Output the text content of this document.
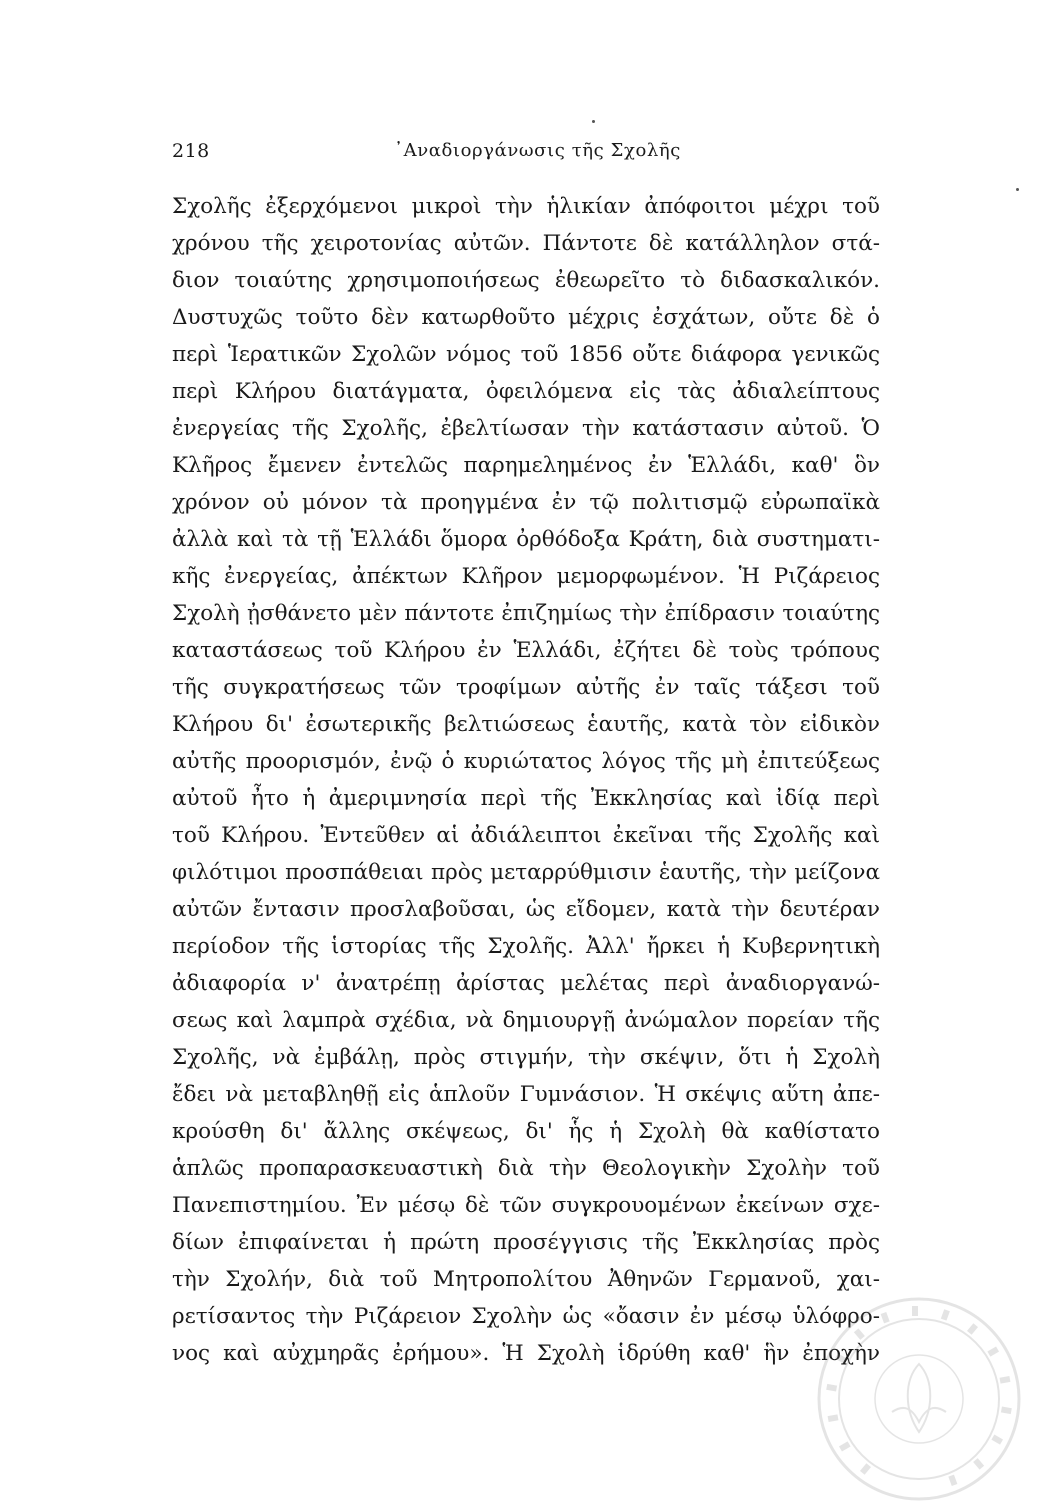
218	᾿Αναδιοργάνωσις τῆς Σχολῆς
Σχολῆς ἐξερχόμενοι μικροὶ τὴν ἡλικίαν ἀπόφοιτοι μέχρι τοῦ
χρόνου τῆς χειροτονίας αὐτῶν. Πάντοτε δὲ κατάλληλον στά-
διον τοιαύτης χρησιμοποιήσεως ἐθεωρεῖτο τὸ διδασκαλικόν.
Δυστυχῶς τοῦτο δὲν κατωρθοῦτο μέχρις ἐσχάτων, οὔτε δὲ ὁ
περὶ Ἱερατικῶν Σχολῶν νόμος τοῦ 1856 οὔτε διάφορα γενικῶς
περὶ Κλήρου διατάγματα, ὀφειλόμενα εἰς τὰς ἀδιαλείπτους
ἐνεργείας τῆς Σχολῆς, ἐβελτίωσαν τὴν κατάστασιν αὐτοῦ. Ὁ
Κλῆρος ἔμενεν ἐντελῶς παρημελημένος ἐν Ἑλλάδι, καθ' ὃν
χρόνον οὐ μόνον τὰ προηγμένα ἐν τῷ πολιτισμῷ εὐρωπαϊκὰ
ἀλλὰ καὶ τὰ τῇ Ἑλλάδι ὅμορα ὀρθόδοξα Κράτη, διὰ συστηματι-
κῆς ἐνεργείας, ἀπέκτων Κλῆρον μεμορφωμένον. Ἡ Ριζάρειος
Σχολὴ ᾐσθάνετο μὲν πάντοτε ἐπιζημίως τὴν ἐπίδρασιν τοιαύτης
καταστάσεως τοῦ Κλήρου ἐν Ἑλλάδι, ἐζήτει δὲ τοὺς τρόπους
τῆς συγκρατήσεως τῶν τροφίμων αὐτῆς ἐν ταῖς τάξεσι τοῦ
Κλήρου δι' ἐσωτερικῆς βελτιώσεως ἑαυτῆς, κατὰ τὸν εἰδικὸν
αὐτῆς προορισμόν, ἐνῷ ὁ κυριώτατος λόγος τῆς μὴ ἐπιτεύξεως
αὐτοῦ ἦτο ἡ ἀμεριμνησία περὶ τῆς Ἐκκλησίας καὶ ἰδίᾳ περὶ
τοῦ Κλήρου. Ἐντεῦθεν αἱ ἀδιάλειπτοι ἐκεῖναι τῆς Σχολῆς καὶ
φιλότιμοι προσπάθειαι πρὸς μεταρρύθμισιν ἑαυτῆς, τὴν μείζονα
αὐτῶν ἔντασιν προσλαβοῦσαι, ὡς εἴδομεν, κατὰ τὴν δευτέραν
περίοδον τῆς ἱστορίας τῆς Σχολῆς. Ἀλλ' ἤρκει ἡ Κυβερνητικὴ
ἀδιαφορία ν' ἀνατρέπῃ ἀρίστας μελέτας περὶ ἀναδιοργανώ-
σεως καὶ λαμπρὰ σχέδια, νὰ δημιουργῇ ἀνώμαλον πορείαν τῆς
Σχολῆς, νὰ ἐμβάλῃ, πρὸς στιγμήν, τὴν σκέψιν, ὅτι ἡ Σχολὴ
ἔδει νὰ μεταβληθῇ εἰς ἁπλοῦν Γυμνάσιον. Ἡ σκέψις αὕτη ἀπε-
κρούσθη δι' ἄλλης σκέψεως, δι' ἧς ἡ Σχολὴ θὰ καθίστατο
ἁπλῶς προπαρασκευαστικὴ διὰ τὴν Θεολογικὴν Σχολὴν τοῦ
Πανεπιστημίου. Ἐν μέσῳ δὲ τῶν συγκρουομένων ἐκείνων σχε-
δίων ἐπιφαίνεται ἡ πρώτη προσέγγισις τῆς Ἐκκλησίας πρὸς
τὴν Σχολήν, διὰ τοῦ Μητροπολίτου Ἀθηνῶν Γερμανοῦ, χαι-
ρετίσαντος τὴν Ριζάρειον Σχολὴν ὡς «ὄασιν ἐν μέσῳ ὑλόφρο-
νος καὶ αὐχμηρᾶς ἐρήμου». Ἡ Σχολὴ ἱδρύθη καθ' ἣν ἐποχὴν
